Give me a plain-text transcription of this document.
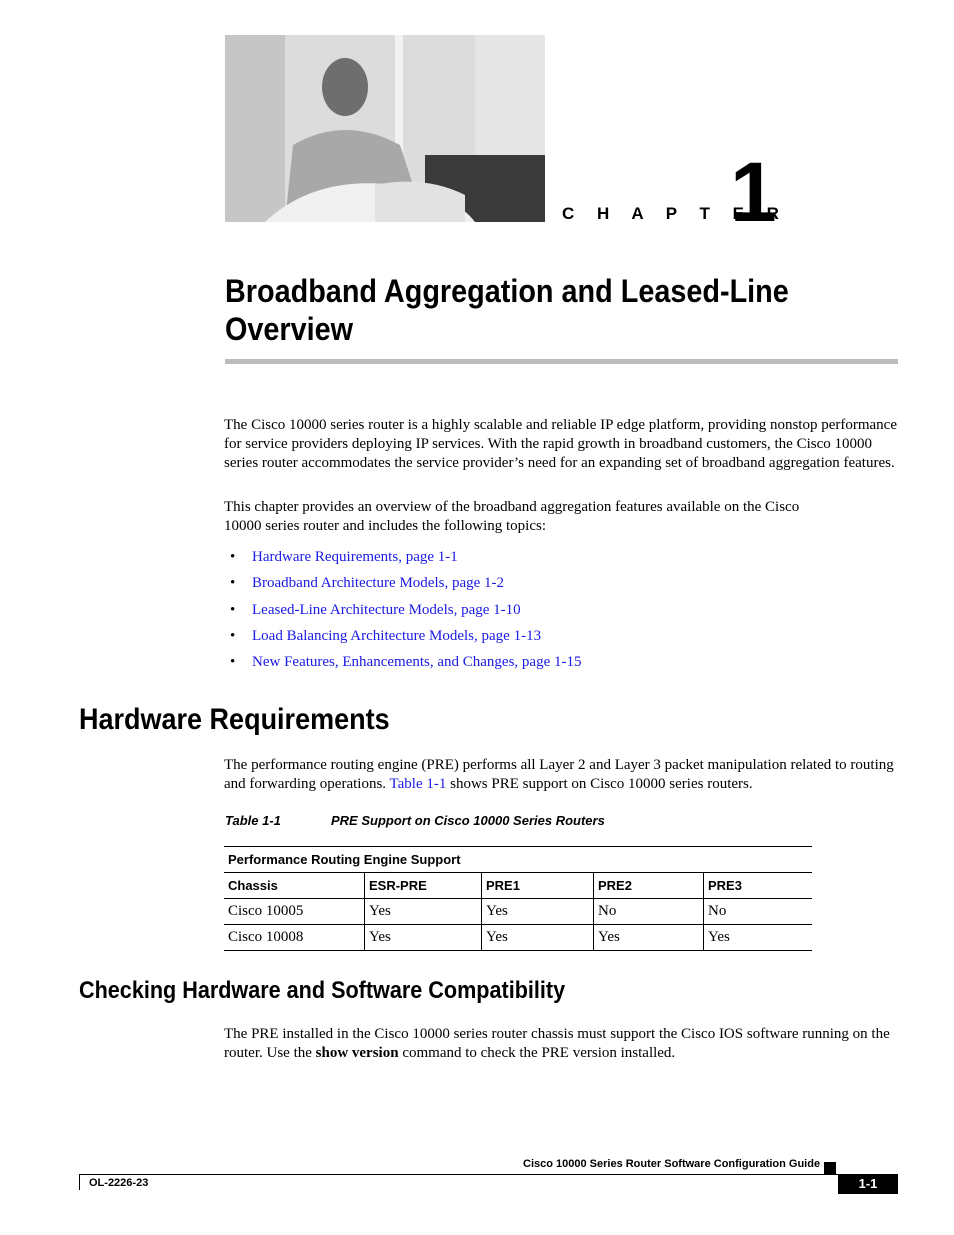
C H A P T E R
1
Broadband Aggregation and Leased-Line Overview
The Cisco 10000 series router is a highly scalable and reliable IP edge platform, providing nonstop performance for service providers deploying IP services. With the rapid growth in broadband customers, the Cisco 10000 series router accommodates the service provider’s need for an expanding set of broadband aggregation features.
This chapter provides an overview of the broadband aggregation features available on the Cisco 10000 series router and includes the following topics:
• Hardware Requirements, page 1-1
• Broadband Architecture Models, page 1-2
• Leased-Line Architecture Models, page 1-10
• Load Balancing Architecture Models, page 1-13
• New Features, Enhancements, and Changes, page 1-15
Hardware Requirements
The performance routing engine (PRE) performs all Layer 2 and Layer 3 packet manipulation related to routing and forwarding operations. Table 1-1 shows PRE support on Cisco 10000 series routers.
Table 1-1	PRE Support on Cisco 10000 Series Routers
Performance Routing Engine Support				
Chassis	ESR-PRE	PRE1	PRE2	PRE3
Cisco 10005	Yes	Yes	No	No
Cisco 10008	Yes	Yes	Yes	Yes
Checking Hardware and Software Compatibility
The PRE installed in the Cisco 10000 series router chassis must support the Cisco IOS software running on the router. Use the show version command to check the PRE version installed.
Cisco 10000 Series Router Software Configuration Guide
OL-2226-23	1-1
